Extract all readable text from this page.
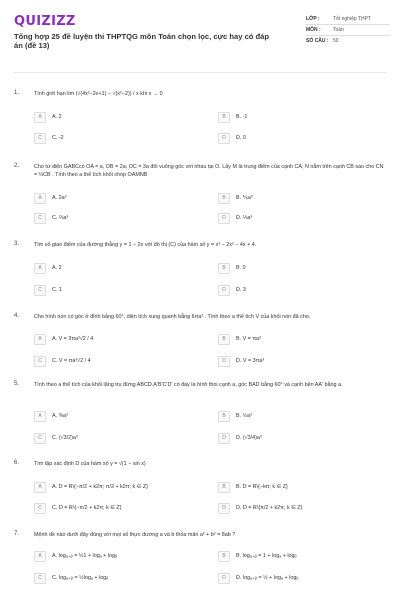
QUIZIZZ
Tổng hợp 25 đề luyện thi THPTQG môn Toán chọn lọc, cực hay có đáp án (đề 13)
LỚP :	Tốt nghiệp THPT
MÔN :	Toán
SỐ CÂU : 50
1.	Tính giới hạn lim (√(4x²−2x+1) − √(x²−2)) / x khi x → 0
A	A. 2	B	B. -1
C	C. -2	D	D. 0
2.	Cho tứ diện GABCcó OA = a, OB = 2a; OC = 3a đôi vuông góc với nhau tại O. Lấy M là trung điểm của cạnh CA; N nằm trên cạnh CB sao cho CN = ⅔CB . Tính theo a thể tích khối chóp OAMNB
A	A. 2a³	B	B. ⅙a³
C	C. ⅔a³	D	D. ⅓a³
3.	Tìm số giao điểm của đường thẳng y = 1 − 2x với đồ thị (C) của hàm số y = x³ − 2x² − 4x + 4.
A	A. 2	B	B. 0
C	C. 1	D	D. 3
4.	Cho hình nón có góc ở đỉnh bằng 60°, diện tích xung quanh bằng 6πa² . Tính theo a thể tích V của khối nón đã cho.
A	A. V = 3πa³√2 / 4	B	B. V = πa³
C	C. V = πa³√2 / 4	D	D. V = 3πa³
5.	Tính theo a thể tích của khối lăng trụ đứng ABCD.A'B'C'D' có đáy là hình thoi cạnh a, góc BAD bằng 60° và cạnh bên AA' bằng a.
A	A. ⅜a³	B	B. ½a³
C	C. (√3/2)a³	D	D. (√3/4)a³
6.	Tìm tập xác định D của hàm số y = √(1 − sin x)
A	A. D = R\{−π/2 + k2π; π/2 + k2π; k ∈ Z}	B	B. D = R\{−kπ; k ∈ Z}
C	C. D = R\{−π/2 + k2π; k ∈ Z}	D	D. D = R\{π/2 + k2π; k ∈ Z}
7.	Mệnh đề nào dưới đây đúng với mọi số thực dương a và b thỏa mãn a² + b² = 8ab ?
A	A. logₐ₊ᵦ = ½1 + logₐ + logᵦ	B	B. logₐ₊ᵦ = 1 + logₐ + logᵦ
C	C. logₐ₊ᵦ = ½logₐ + logᵦ	D	D. logₐ₊ᵦ = ½ + logₐ + logᵦ
